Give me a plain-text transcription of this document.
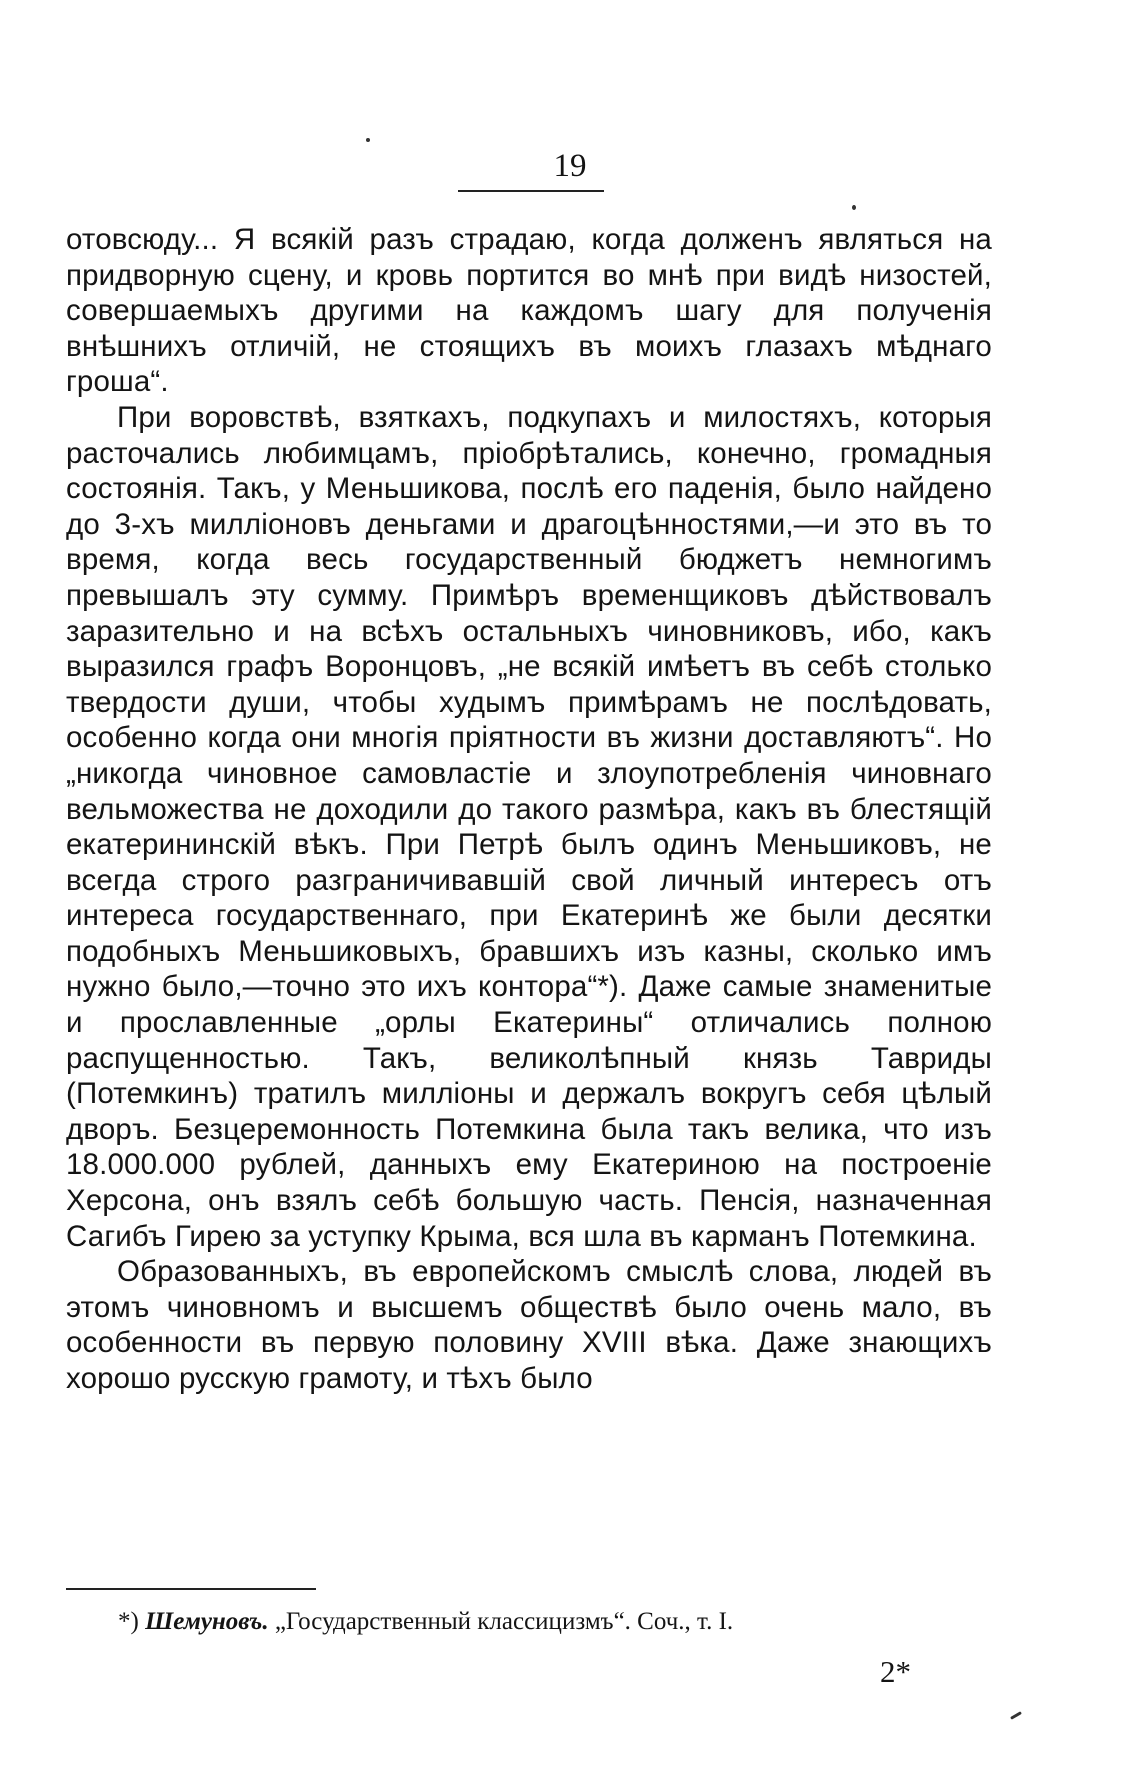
19

отовсюду... Я всякій разъ страдаю, когда долженъ являться на придворную сцену, и кровь портится во мнѣ при видѣ низостей, совершаемыхъ другими на каждомъ шагу для полученія внѣшнихъ отличій, не стоящихъ въ моихъ глазахъ мѣднаго гроша“.

При воровствѣ, взяткахъ, подкупахъ и милостяхъ, которыя расточались любимцамъ, пріобрѣтались, конечно, громадныя состоянія. Такъ, у Меньшикова, послѣ его паденія, было найдено до 3-хъ милліоновъ деньгами и драгоцѣнностями,—и это въ то время, когда весь государственный бюджетъ немногимъ превышалъ эту сумму. Примѣръ временщиковъ дѣйствовалъ заразительно и на всѣхъ остальныхъ чиновниковъ, ибо, какъ выразился графъ Воронцовъ, „не всякій имѣетъ въ себѣ столько твердости души, чтобы худымъ примѣрамъ не послѣдовать, особенно когда они многія пріятности въ жизни доставляютъ“. Но „никогда чиновное самовластіе и злоупотребленія чиновнаго вельможества не доходили до такого размѣра, какъ въ блестящій екатерининскій вѣкъ. При Петрѣ былъ одинъ Меньшиковъ, не всегда строго разграничивавшій свой личный интересъ отъ интереса государственнаго, при Екатеринѣ же были десятки подобныхъ Меньшиковыхъ, бравшихъ изъ казны, сколько имъ нужно было,—точно это ихъ контора“*). Даже самые знаменитые и прославленные „орлы Екатерины“ отличались полною распущенностью. Такъ, великолѣпный князь Тавриды (Потемкинъ) тратилъ милліоны и держалъ вокругъ себя цѣлый дворъ. Безцеремонность Потемкина была такъ велика, что изъ 18.000.000 рублей, данныхъ ему Екатериною на построеніе Херсона, онъ взялъ себѣ большую часть. Пенсія, назначенная Сагибъ Гирею за уступку Крыма, вся шла въ карманъ Потемкина.

Образованныхъ, въ европейскомъ смыслѣ слова, людей въ этомъ чиновномъ и высшемъ обществѣ было очень мало, въ особенности въ первую половину XVIII вѣка. Даже знающихъ хорошо русскую грамоту, и тѣхъ было

*) Шемуновъ. „Государственный классицизмъ“. Соч., т. I.
2*
